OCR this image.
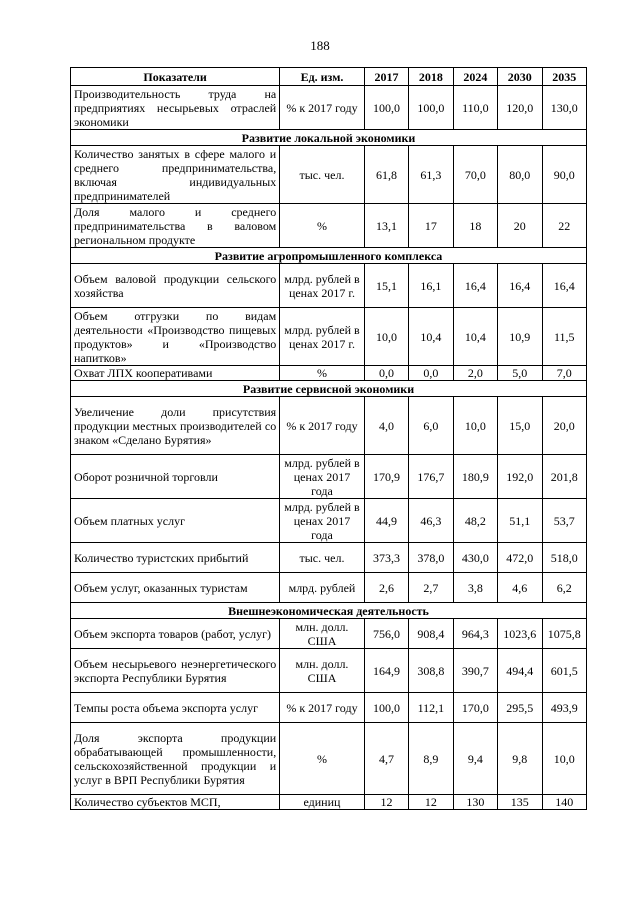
188
Показатели	Ед. изм.	2017	2018	2024	2030	2035
Производительность труда на предприятиях несырьевых отраслей экономики	% к 2017 году	100,0	100,0	110,0	120,0	130,0
Развитие локальной экономики						
Количество занятых в сфере малого и среднего предпринимательства, включая индивидуальных предпринимателей	тыс. чел.	61,8	61,3	70,0	80,0	90,0
Доля малого и среднего предпринимательства в валовом региональном продукте	%	13,1	17	18	20	22
Развитие агропромышленного комплекса						
Объем валовой продукции сельского хозяйства	млрд. рублей в ценах 2017 г.	15,1	16,1	16,4	16,4	16,4
Объем отгрузки по видам деятельности «Производство пищевых продуктов» и «Производство напитков»	млрд. рублей в ценах 2017 г.	10,0	10,4	10,4	10,9	11,5
Охват ЛПХ кооперативами	%	0,0	0,0	2,0	5,0	7,0
Развитие сервисной экономики						
Увеличение доли присутствия продукции местных производителей со знаком «Сделано Бурятия»	% к 2017 году	4,0	6,0	10,0	15,0	20,0
Оборот розничной торговли	млрд. рублей в ценах 2017 года	170,9	176,7	180,9	192,0	201,8
Объем платных услуг	млрд. рублей в ценах 2017 года	44,9	46,3	48,2	51,1	53,7
Количество туристских прибытий	тыс. чел.	373,3	378,0	430,0	472,0	518,0
Объем услуг, оказанных туристам	млрд. рублей	2,6	2,7	3,8	4,6	6,2
Внешнеэкономическая деятельность						
Объем экспорта товаров (работ, услуг)	млн. долл. США	756,0	908,4	964,3	1023,6	1075,8
Объем несырьевого неэнергетического экспорта Республики Бурятия	млн. долл. США	164,9	308,8	390,7	494,4	601,5
Темпы роста объема экспорта услуг	% к 2017 году	100,0	112,1	170,0	295,5	493,9
Доля экспорта продукции обрабатывающей промышленности, сельскохозяйственной продукции и услуг в ВРП Республики Бурятия	%	4,7	8,9	9,4	9,8	10,0
Количество субъектов МСП,	единиц	12	12	130	135	140
